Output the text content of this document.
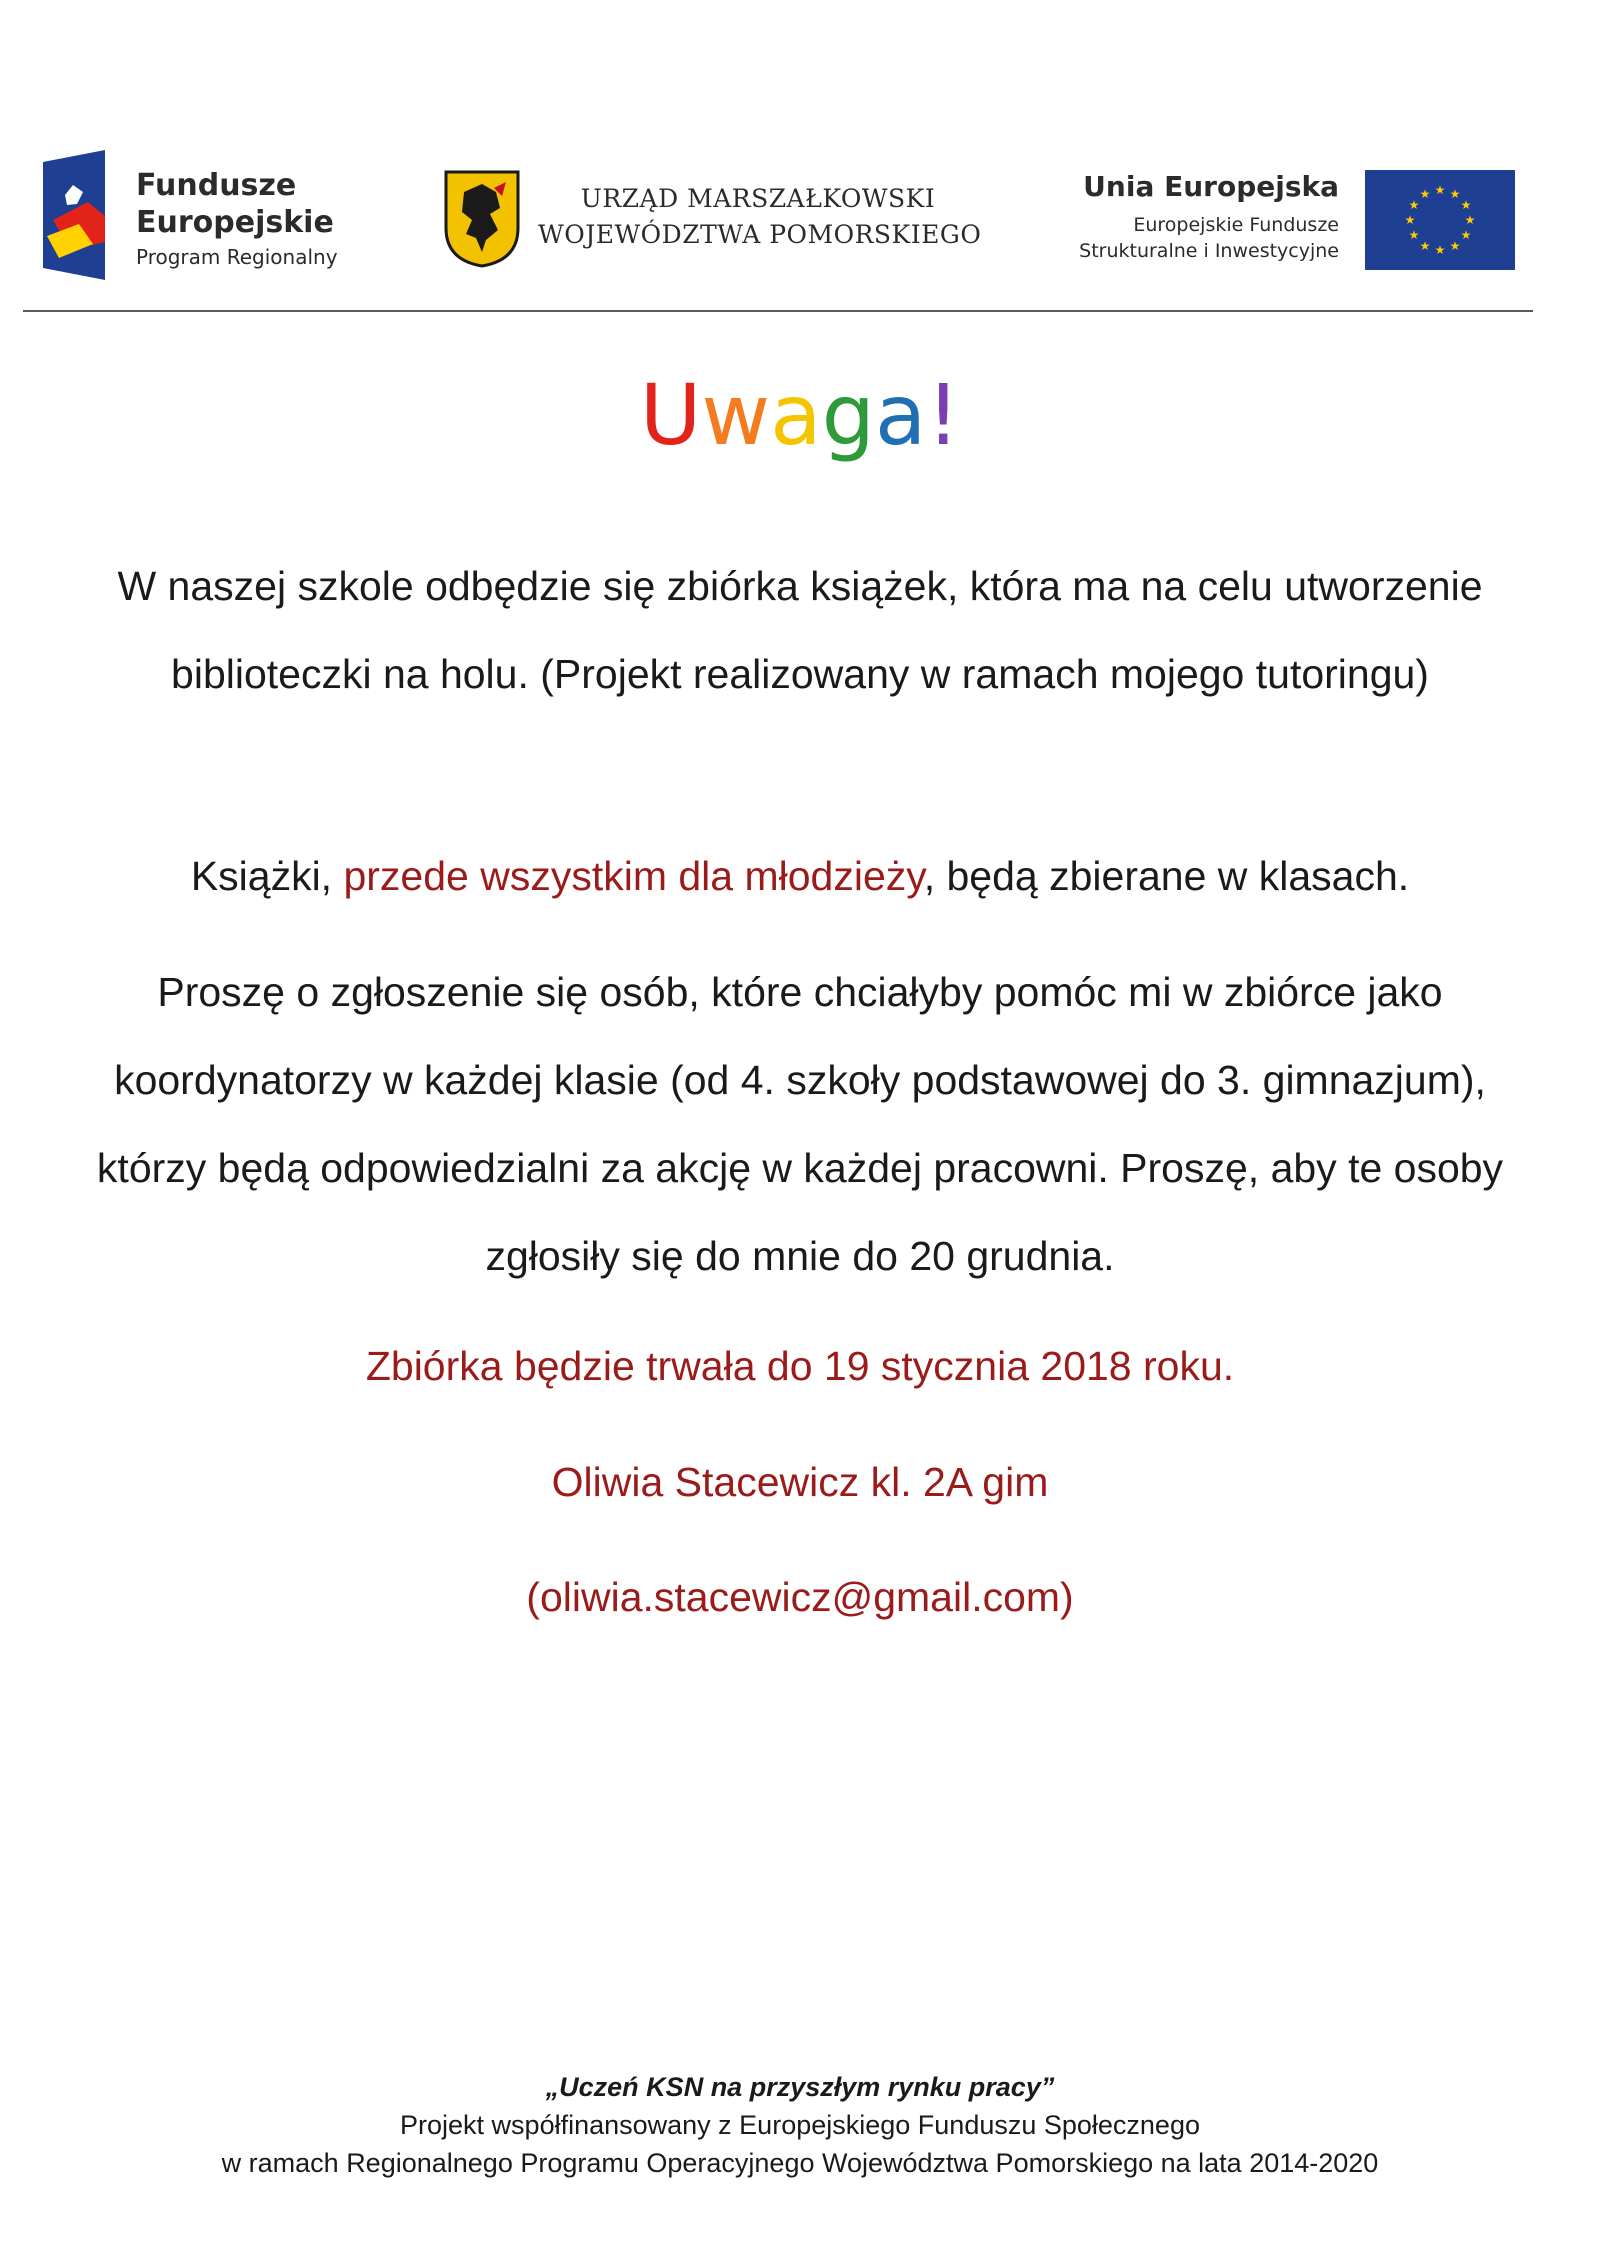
Fundusze
Europejskie
Program Regionalny
URZĄD MARSZAŁKOWSKI
WOJEWÓDZTWA POMORSKIEGO
Unia Europejska
Europejskie Fundusze
Strukturalne i Inwestycyjne
★ ★
★
★
★
★
★
★
★
★
★
★
Uwaga!

W naszej szkole odbędzie się zbiórka książek, która ma na celu utworzenie biblioteczki na holu. (Projekt realizowany w ramach mojego tutoringu)

Książki, przede wszystkim dla młodzieży, będą zbierane w klasach.

Proszę o zgłoszenie się osób, które chciałyby pomóc mi w zbiórce jako koordynatorzy w każdej klasie (od 4. szkoły podstawowej do 3. gimnazjum), którzy będą odpowiedzialni za akcję w każdej pracowni. Proszę, aby te osoby zgłosiły się do mnie do 20 grudnia.

Zbiórka będzie trwała do 19 stycznia 2018 roku.

Oliwia Stacewicz kl. 2A gim

(oliwia.stacewicz@gmail.com)

„Uczeń KSN na przyszłym rynku pracy”
Projekt współfinansowany z Europejskiego Funduszu Społecznego
w ramach Regionalnego Programu Operacyjnego Województwa Pomorskiego na lata 2014-2020
